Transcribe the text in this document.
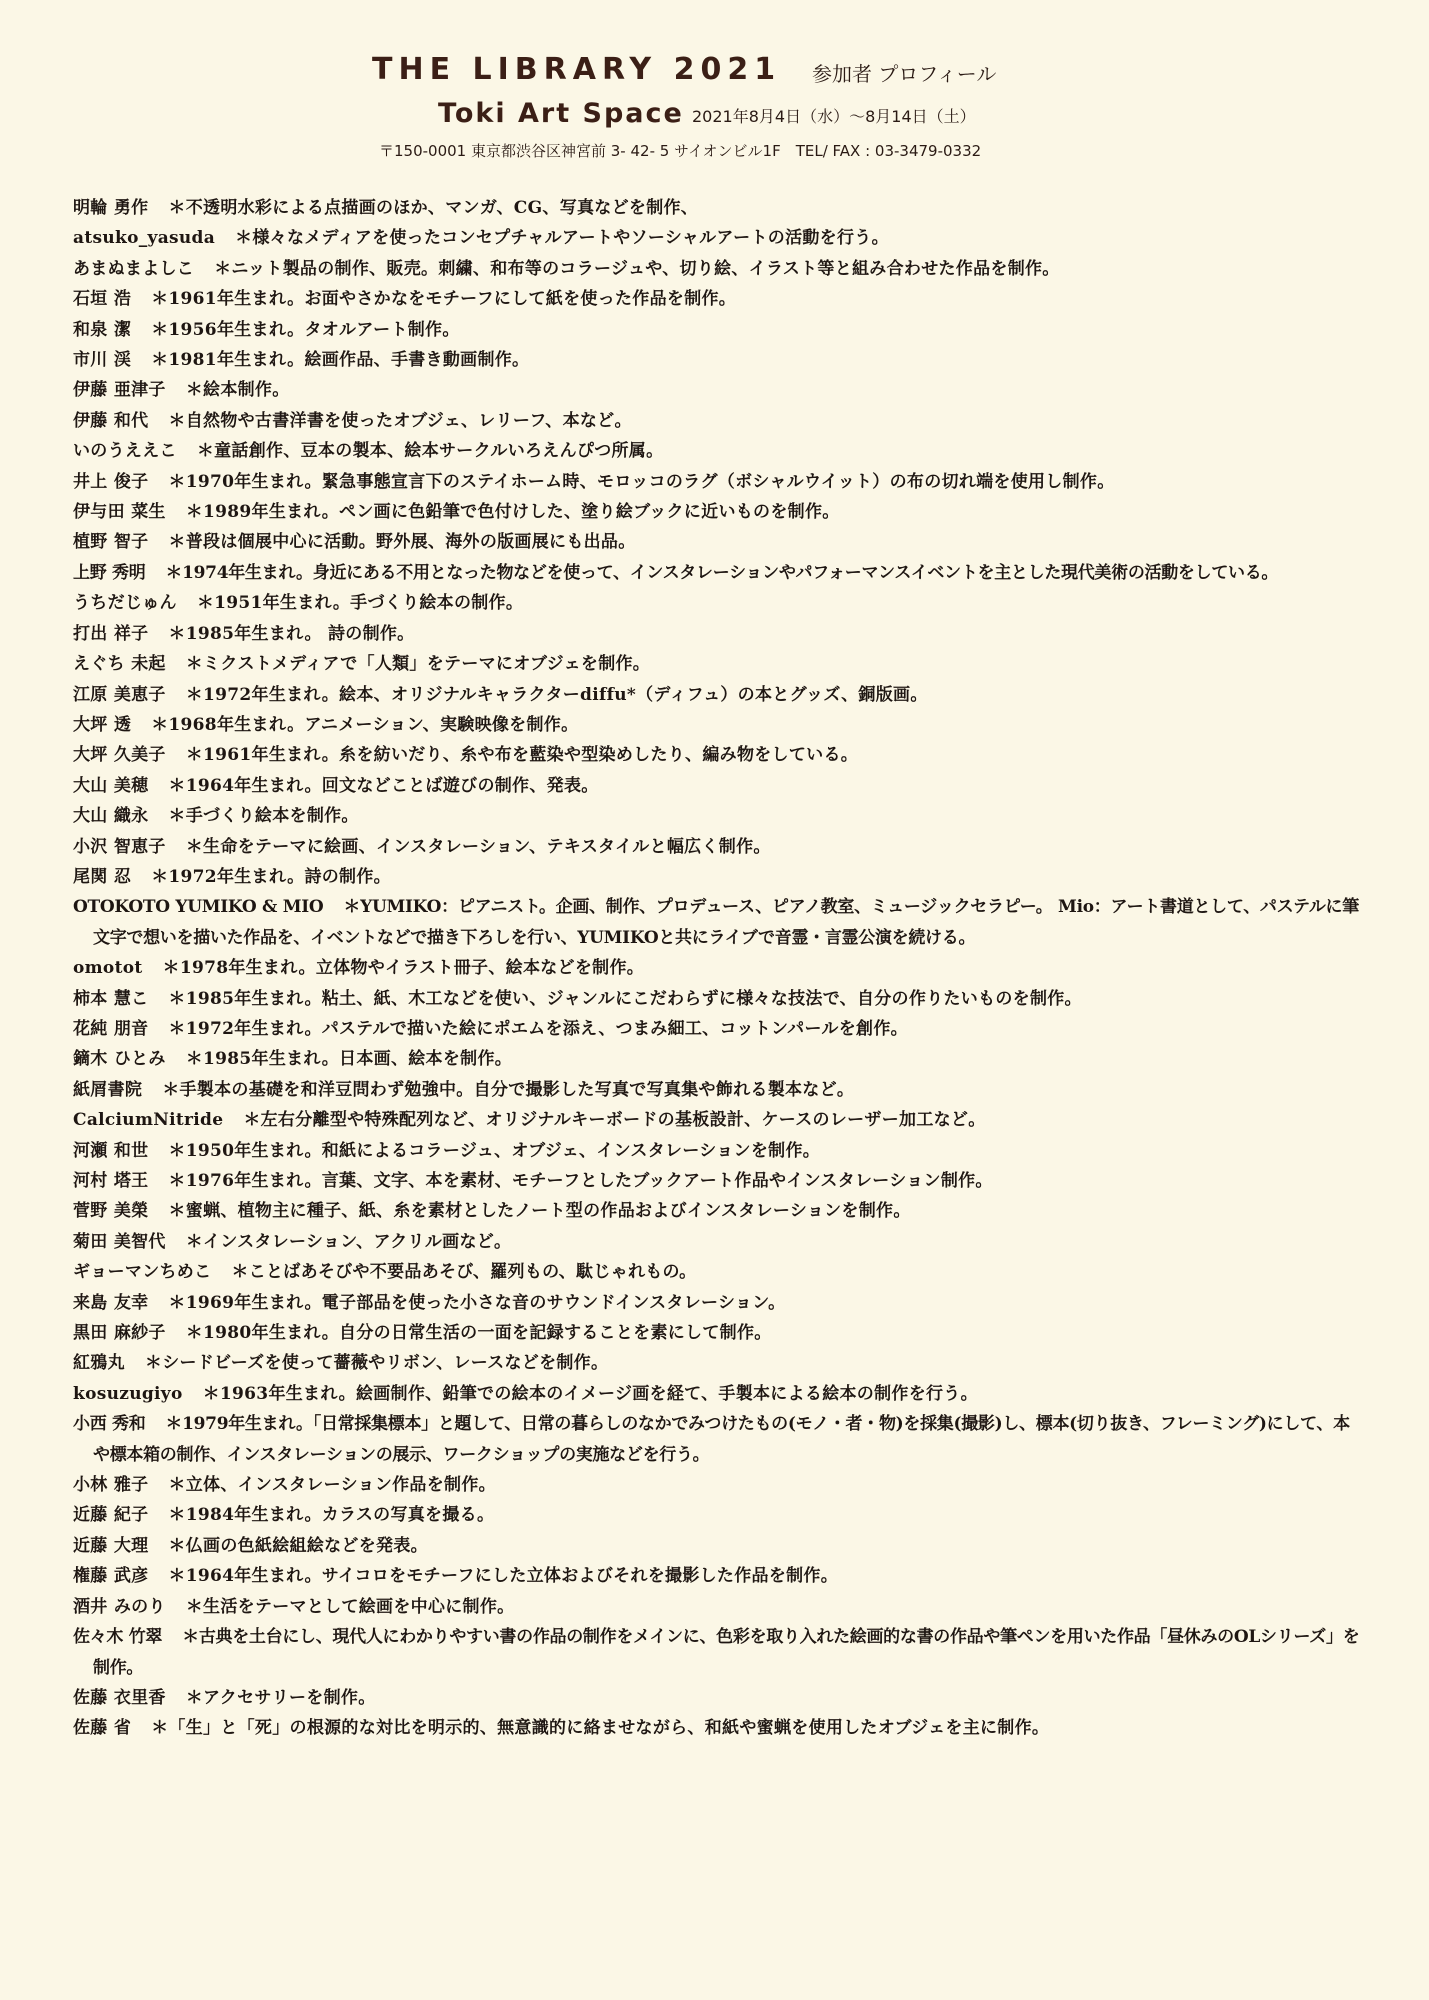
THE LIBRARY 2021 参加者 プロフィール
Toki Art Space 2021年8月4日（水）〜8月14日（土）
〒150-0001 東京都渋谷区神宮前 3- 42- 5 サイオンビル1F　TEL/ FAX : 03-3479-0332
明輪 勇作 ＊不透明水彩による点描画のほか、マンガ、CG、写真などを制作、
atsuko_yasuda ＊様々なメディアを使ったコンセプチャルアートやソーシャルアートの活動を行う。
あまぬまよしこ ＊ニット製品の制作、販売。刺繍、和布等のコラージュや、切り絵、イラスト等と組み合わせた作品を制作。
石垣 浩 ＊1961年生まれ。お面やさかなをモチーフにして紙を使った作品を制作。
和泉 潔 ＊1956年生まれ。タオルアート制作。
市川 渓 ＊1981年生まれ。絵画作品、手書き動画制作。
伊藤 亜津子 ＊絵本制作。
伊藤 和代 ＊自然物や古書洋書を使ったオブジェ、レリーフ、本など。
いのうええこ ＊童話創作、豆本の製本、絵本サークルいろえんぴつ所属。
井上 俊子 ＊1970年生まれ。緊急事態宣言下のステイホーム時、モロッコのラグ（ボシャルウイット）の布の切れ端を使用し制作。
伊与田 菜生 ＊1989年生まれ。ペン画に色鉛筆で色付けした、塗り絵ブックに近いものを制作。
植野 智子 ＊普段は個展中心に活動。野外展、海外の版画展にも出品。
上野 秀明 ＊1974年生まれ。身近にある不用となった物などを使って、インスタレーションやパフォーマンスイベントを主とした現代美術の活動をしている。
うちだじゅん ＊1951年生まれ。手づくり絵本の制作。
打出 祥子 ＊1985年生まれ。 詩の制作。
えぐち 未起 ＊ミクストメディアで「人類」をテーマにオブジェを制作。
江原 美恵子 ＊1972年生まれ。絵本、オリジナルキャラクターdiffu*（ディフュ）の本とグッズ、銅版画。
大坪 透 ＊1968年生まれ。アニメーション、実験映像を制作。
大坪 久美子 ＊1961年生まれ。糸を紡いだり、糸や布を藍染や型染めしたり、編み物をしている。
大山 美穂 ＊1964年生まれ。回文などことば遊びの制作、発表。
大山 織永 ＊手づくり絵本を制作。
小沢 智恵子 ＊生命をテーマに絵画、インスタレーション、テキスタイルと幅広く制作。
尾関 忍 ＊1972年生まれ。詩の制作。
OTOKOTO YUMIKO & MIO ＊YUMIKO：ピアニスト。企画、制作、プロデュース、ピアノ教室、ミュージックセラピー。 Mio：アート書道として、パステルに筆文字で想いを描いた作品を、イベントなどで描き下ろしを行い、YUMIKOと共にライブで音霊・言霊公演を続ける。
omotot ＊1978年生まれ。立体物やイラスト冊子、絵本などを制作。
柿本 慧こ ＊1985年生まれ。粘土、紙、木工などを使い、ジャンルにこだわらずに様々な技法で、自分の作りたいものを制作。
花純 朋音 ＊1972年生まれ。パステルで描いた絵にポエムを添え、つまみ細工、コットンパールを創作。
鏑木 ひとみ ＊1985年生まれ。日本画、絵本を制作。
紙屑書院 ＊手製本の基礎を和洋豆問わず勉強中。自分で撮影した写真で写真集や飾れる製本など。
CalciumNitride ＊左右分離型や特殊配列など、オリジナルキーボードの基板設計、ケースのレーザー加工など。
河瀬 和世 ＊1950年生まれ。和紙によるコラージュ、オブジェ、インスタレーションを制作。
河村 塔王 ＊1976年生まれ。言葉、文字、本を素材、モチーフとしたブックアート作品やインスタレーション制作。
菅野 美榮 ＊蜜蝋、植物主に種子、紙、糸を素材としたノート型の作品およびインスタレーションを制作。
菊田 美智代 ＊インスタレーション、アクリル画など。
ギョーマンちめこ ＊ことばあそびや不要品あそび、羅列もの、駄じゃれもの。
来島 友幸 ＊1969年生まれ。電子部品を使った小さな音のサウンドインスタレーション。
黒田 麻紗子 ＊1980年生まれ。自分の日常生活の一面を記録することを素にして制作。
紅鴉丸 ＊シードビーズを使って薔薇やリボン、レースなどを制作。
kosuzugiyo ＊1963年生まれ。絵画制作、鉛筆での絵本のイメージ画を経て、手製本による絵本の制作を行う。
小西 秀和 ＊1979年生まれ。「日常採集標本」と題して、日常の暮らしのなかでみつけたもの(モノ・者・物)を採集(撮影)し、標本(切り抜き、フレーミング)にして、本や標本箱の制作、インスタレーションの展示、ワークショップの実施などを行う。
小林 雅子 ＊立体、インスタレーション作品を制作。
近藤 紀子 ＊1984年生まれ。カラスの写真を撮る。
近藤 大理 ＊仏画の色紙絵組絵などを発表。
権藤 武彦 ＊1964年生まれ。サイコロをモチーフにした立体およびそれを撮影した作品を制作。
酒井 みのり ＊生活をテーマとして絵画を中心に制作。
佐々木 竹翠 ＊古典を土台にし、現代人にわかりやすい書の作品の制作をメインに、色彩を取り入れた絵画的な書の作品や筆ペンを用いた作品「昼休みのOLシリーズ」を制作。
佐藤 衣里香 ＊アクセサリーを制作。
佐藤 省 ＊「生」と「死」の根源的な対比を明示的、無意識的に絡ませながら、和紙や蜜蝋を使用したオブジェを主に制作。
